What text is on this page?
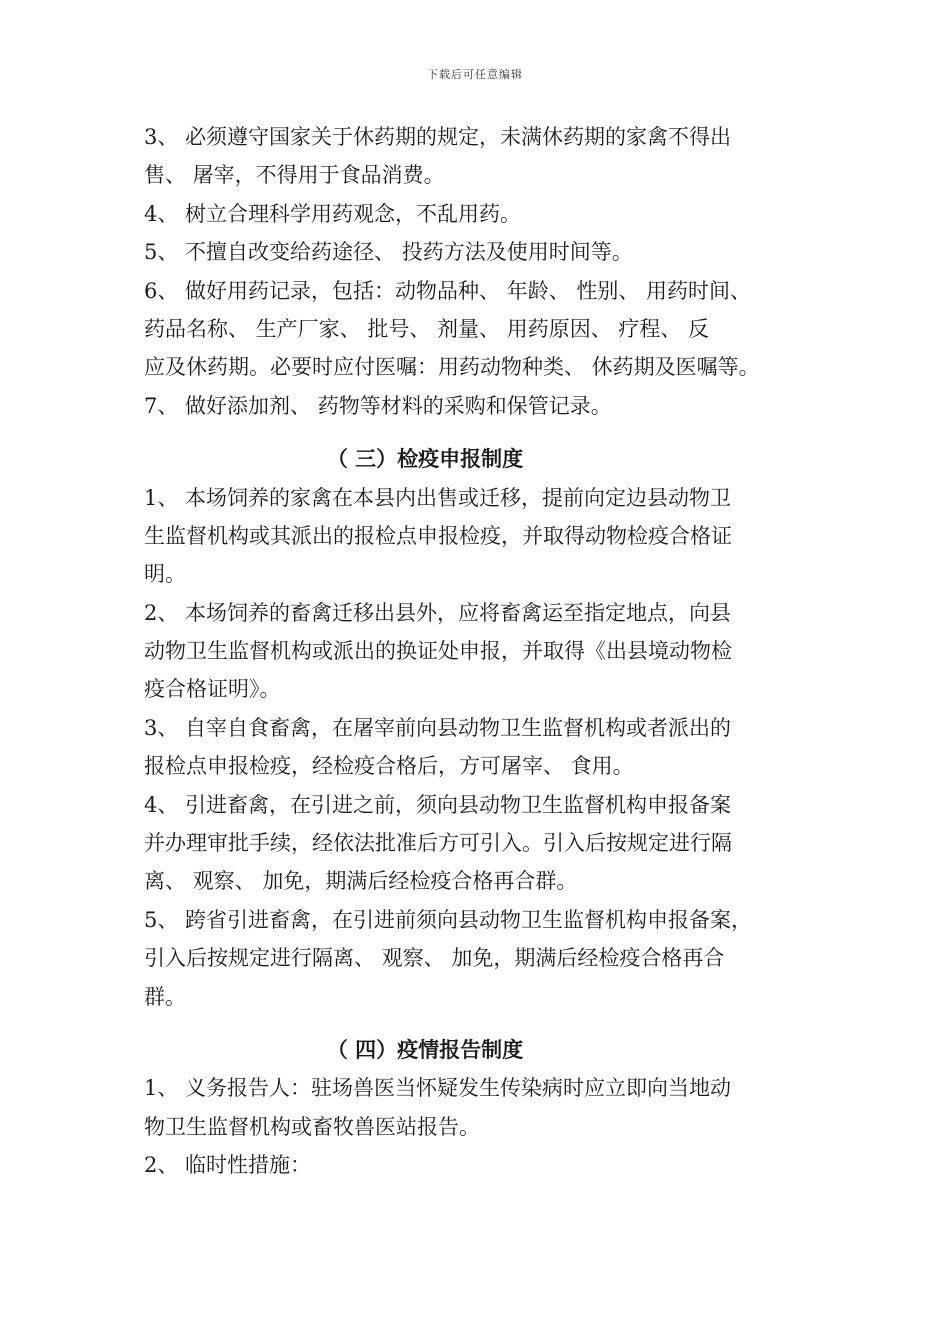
下载后可任意编辑
3、 必须遵守国家关于休药期的规定，未满休药期的家禽不得出
售、 屠宰，不得用于食品消费。
4、 树立合理科学用药观念，不乱用药。
5、 不擅自改变给药途径、 投药方法及使用时间等。
6、 做好用药记录，包括：动物品种、 年龄、 性别、 用药时间、
药品名称、 生产厂家、 批号、 剂量、 用药原因、 疗程、 反
应及休药期。必要时应付医嘱：用药动物种类、 休药期及医嘱等。
7、 做好添加剂、 药物等材料的采购和保管记录。
（ 三）检疫申报制度
1、 本场饲养的家禽在本县内出售或迁移，提前向定边县动物卫
生监督机构或其派出的报检点申报检疫，并取得动物检疫合格证
明。
2、 本场饲养的畜禽迁移出县外，应将畜禽运至指定地点，向县
动物卫生监督机构或派出的换证处申报，并取得《出县境动物检
疫合格证明》。
3、 自宰自食畜禽，在屠宰前向县动物卫生监督机构或者派出的
报检点申报检疫，经检疫合格后，方可屠宰、 食用。
4、 引进畜禽，在引进之前，须向县动物卫生监督机构申报备案
并办理审批手续，经依法批准后方可引入。引入后按规定进行隔
离、 观察、 加免，期满后经检疫合格再合群。
5、 跨省引进畜禽，在引进前须向县动物卫生监督机构申报备案，
引入后按规定进行隔离、 观察、 加免，期满后经检疫合格再合
群。
（ 四）疫情报告制度
1、 义务报告人：驻场兽医当怀疑发生传染病时应立即向当地动
物卫生监督机构或畜牧兽医站报告。
2、 临时性措施：
